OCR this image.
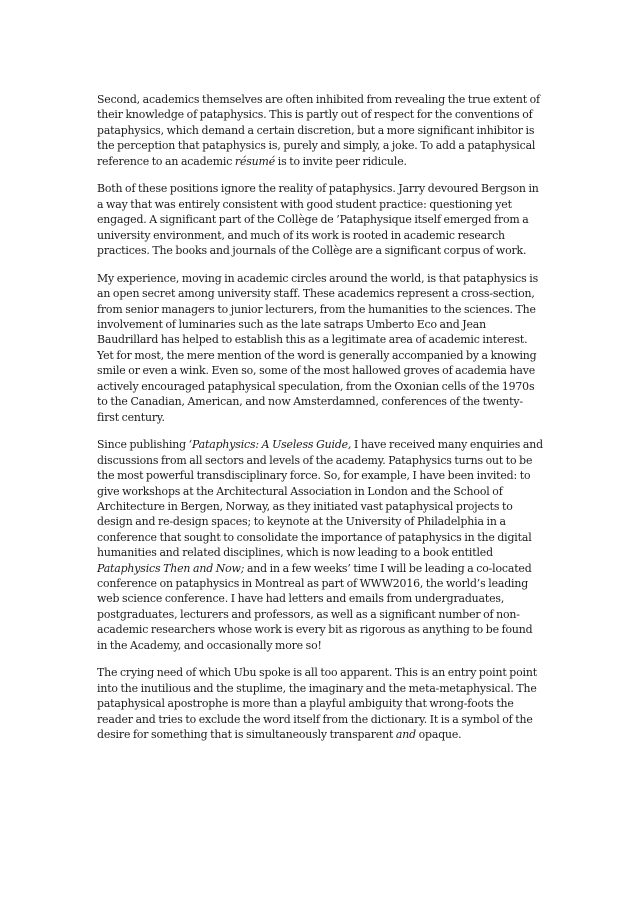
Second, academics themselves are often inhibited from revealing the true extent of their knowledge of pataphysics. This is partly out of respect for the conventions of pataphysics, which demand a certain discretion, but a more significant inhibitor is the perception that pataphysics is, purely and simply, a joke. To add a pataphysical reference to an academic résumé is to invite peer ridicule.

Both of these positions ignore the reality of pataphysics. Jarry devoured Bergson in a way that was entirely consistent with good student practice: questioning yet engaged. A significant part of the Collège de ’Pataphysique itself emerged from a university environment, and much of its work is rooted in academic research practices. The books and journals of the Collège are a significant corpus of work.

My experience, moving in academic circles around the world, is that pataphysics is an open secret among university staff. These academics represent a cross-section, from senior managers to junior lecturers, from the humanities to the sciences. The involvement of luminaries such as the late satraps Umberto Eco and Jean Baudrillard has helped to establish this as a legitimate area of academic interest. Yet for most, the mere mention of the word is generally accompanied by a knowing smile or even a wink. Even so, some of the most hallowed groves of academia have actively encouraged pataphysical speculation, from the Oxonian cells of the 1970s to the Canadian, American, and now Amsterdamned, conferences of the twenty-first century.

Since publishing ‘Pataphysics: A Useless Guide, I have received many enquiries and discussions from all sectors and levels of the academy. Pataphysics turns out to be the most powerful transdisciplinary force. So, for example, I have been invited: to give workshops at the Architectural Association in London and the School of Architecture in Bergen, Norway, as they initiated vast pataphysical projects to design and re-design spaces; to keynote at the University of Philadelphia in a conference that sought to consolidate the importance of pataphysics in the digital humanities and related disciplines, which is now leading to a book entitled Pataphysics Then and Now; and in a few weeks’ time I will be leading a co-located conference on pataphysics in Montreal as part of WWW2016, the world’s leading web science conference. I have had letters and emails from undergraduates, postgraduates, lecturers and professors, as well as a significant number of non-academic researchers whose work is every bit as rigorous as anything to be found in the Academy, and occasionally more so!

The crying need of which Ubu spoke is all too apparent. This is an entry point point into the inutilious and the stuplime, the imaginary and the meta-metaphysical. The pataphysical apostrophe is more than a playful ambiguity that wrong-foots the reader and tries to exclude the word itself from the dictionary. It is a symbol of the desire for something that is simultaneously transparent and opaque.
